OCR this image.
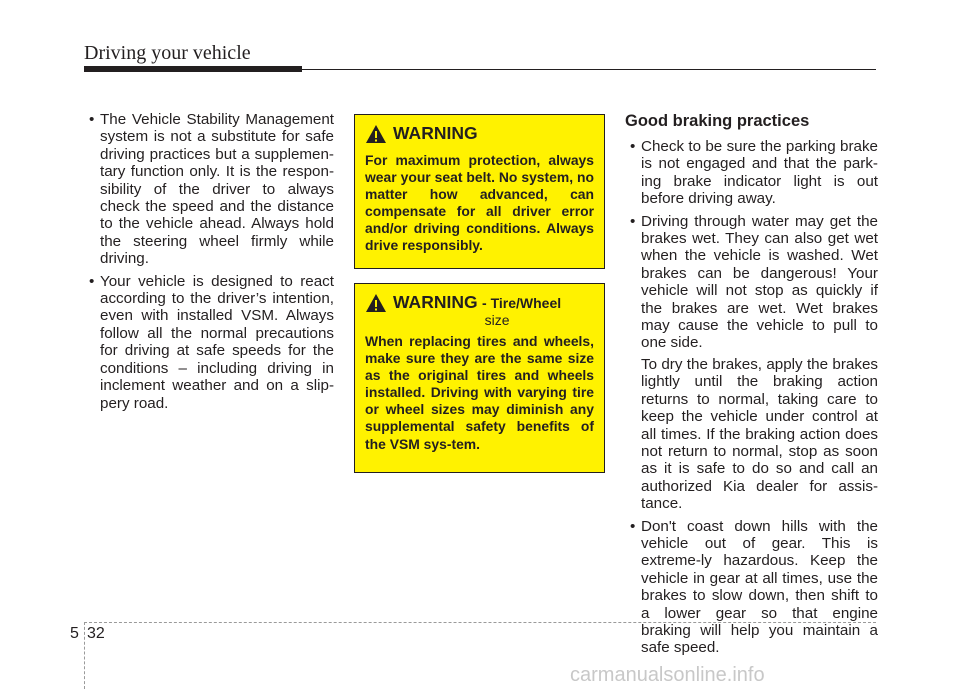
Driving your vehicle
• The Vehicle Stability Management system is not a substitute for safe driving practices but a supplemen-tary function only. It is the respon-sibility of the driver to always check the speed and the distance to the vehicle ahead. Always hold the steering wheel firmly while driving.
• Your vehicle is designed to react according to the driver’s intention, even with installed VSM. Always follow all the normal precautions for driving at safe speeds for the conditions – including driving in inclement weather and on a slip-pery road.
WARNING

For maximum protection, always wear your seat belt. No system, no matter how advanced, can compensate for all driver error and/or driving conditions. Always drive responsibly.

WARNING - Tire/Wheel
size

When replacing tires and wheels, make sure they are the same size as the original tires and wheels installed. Driving with varying tire or wheel sizes may diminish any supplemental safety benefits of the VSM sys-tem.

Good braking practices

• Check to be sure the parking brake is not engaged and that the park-ing brake indicator light is out before driving away.

• Driving through water may get the brakes wet. They can also get wet when the vehicle is washed. Wet brakes can be dangerous! Your vehicle will not stop as quickly if the brakes are wet. Wet brakes may cause the vehicle to pull to one side.

To dry the brakes, apply the brakes lightly until the braking action returns to normal, taking care to keep the vehicle under control at all times. If the braking action does not return to normal, stop as soon as it is safe to do so and call an authorized Kia dealer for assis-tance.

• Don't coast down hills with the vehicle out of gear. This is extreme-ly hazardous. Keep the vehicle in gear at all times, use the brakes to slow down, then shift to a lower gear so that engine braking will help you maintain a safe speed.

5 32
carmanualsonline.info
